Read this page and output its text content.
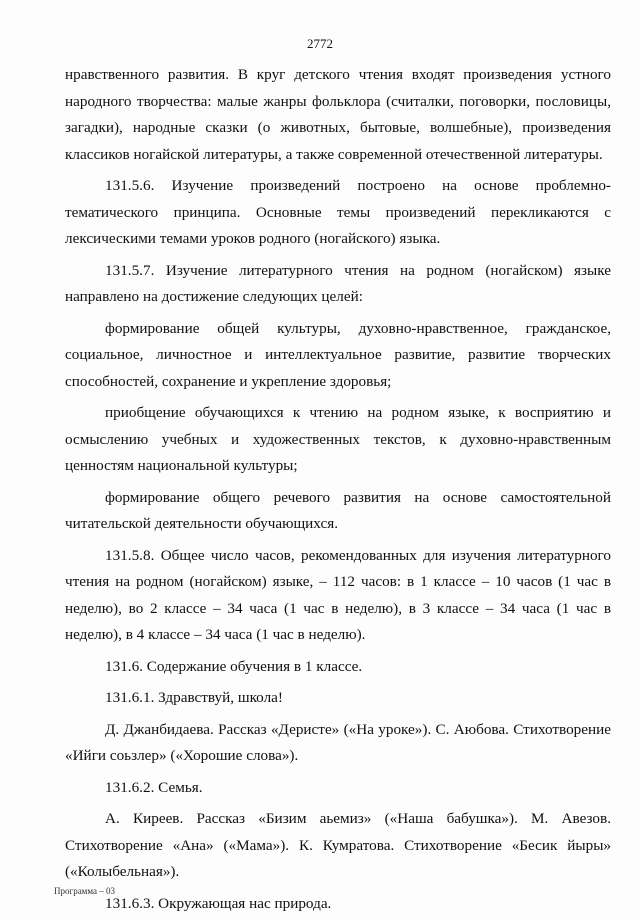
2772

нравственного развития. В круг детского чтения входят произведения устного народного творчества: малые жанры фольклора (считалки, поговорки, пословицы, загадки), народные сказки (о животных, бытовые, волшебные), произведения классиков ногайской литературы, а также современной отечественной литературы.

131.5.6. Изучение произведений построено на основе проблемно-тематического принципа. Основные темы произведений перекликаются с лексическими темами уроков родного (ногайского) языка.

131.5.7. Изучение литературного чтения на родном (ногайском) языке направлено на достижение следующих целей:

формирование общей культуры, духовно-нравственное, гражданское, социальное, личностное и интеллектуальное развитие, развитие творческих способностей, сохранение и укрепление здоровья;

приобщение обучающихся к чтению на родном языке, к восприятию и осмыслению учебных и художественных текстов, к духовно-нравственным ценностям национальной культуры;

формирование общего речевого развития на основе самостоятельной читательской деятельности обучающихся.

131.5.8. Общее число часов, рекомендованных для изучения литературного чтения на родном (ногайском) языке, – 112 часов: в 1 классе – 10 часов (1 час в неделю), во 2 классе – 34 часа (1 час в неделю), в 3 классе – 34 часа (1 час в неделю), в 4 классе – 34 часа (1 час в неделю).

131.6. Содержание обучения в 1 классе.

131.6.1. Здравствуй, школа!

Д. Джанбидаева. Рассказ «Деристе» («На уроке»). С. Аюбова. Стихотворение «Ийги соьзлер» («Хорошие слова»).

131.6.2. Семья.

А. Киреев. Рассказ «Бизим аьемиз» («Наша бабушка»). М. Авезов. Стихотворение «Ана» («Мама»). К. Кумратова. Стихотворение «Бесик йыры» («Колыбельная»).

131.6.3. Окружающая нас природа.

Программа – 03
